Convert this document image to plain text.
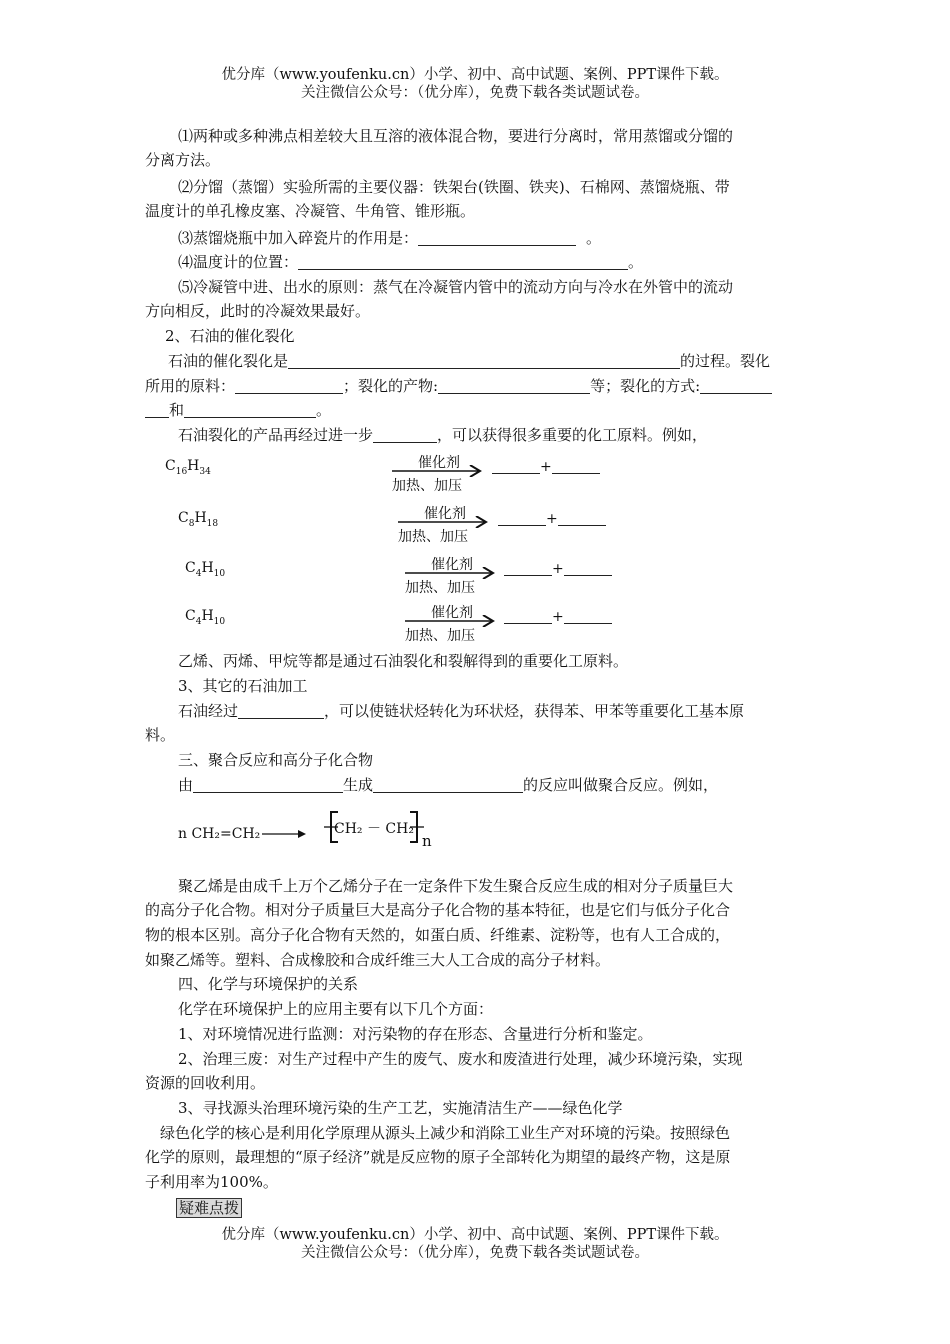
优分库（www.youfenku.cn）小学、初中、高中试题、案例、PPT课件下载。
关注微信公众号：（优分库），免费下载各类试题试卷。
⑴两种或多种沸点相差较大且互溶的液体混合物，要进行分离时，常用蒸馏或分馏的
分离方法。
⑵分馏（蒸馏）实验所需的主要仪器：铁架台(铁圈、铁夹)、石棉网、蒸馏烧瓶、带
温度计的单孔橡皮塞、冷凝管、牛角管、锥形瓶。
⑶蒸馏烧瓶中加入碎瓷片的作用是：	。
⑷温度计的位置：	。
⑸冷凝管中进、出水的原则：蒸气在冷凝管内管中的流动方向与冷水在外管中的流动
方向相反，此时的冷凝效果最好。
2、石油的催化裂化
石油的催化裂化是	的过程。裂化
所用的原料：	；裂化的产物:	等；裂化的方式:
和	。
石油裂化的产品再经过进一步	，可以获得很多重要的化工原料。例如，
$C_{16}H_{34}$
催化剂
加热、加压
+
$C_8H_{18}$
催化剂
加热、加压
+
$C_4H_{10}$
催化剂
加热、加压
+
$C_4H_{10}$
催化剂
加热、加压
+
乙烯、丙烯、甲烷等都是通过石油裂化和裂解得到的重要化工原料。
3、其它的石油加工
石油经过	，可以使链状烃转化为环状烃，获得苯、甲苯等重要化工基本原
料。
三、聚合反应和高分子化合物
由	生成	的反应叫做聚合反应。例如，
n CH₂=CH₂	CH₂ － CH₂
n
聚乙烯是由成千上万个乙烯分子在一定条件下发生聚合反应生成的相对分子质量巨大
的高分子化合物。相对分子质量巨大是高分子化合物的基本特征，也是它们与低分子化合
物的根本区别。高分子化合物有天然的，如蛋白质、纤维素、淀粉等，也有人工合成的，
如聚乙烯等。塑料、合成橡胶和合成纤维三大人工合成的高分子材料。
四、化学与环境保护的关系
化学在环境保护上的应用主要有以下几个方面：
1、对环境情况进行监测：对污染物的存在形态、含量进行分析和鉴定。
2、治理三废：对生产过程中产生的废气、废水和废渣进行处理，减少环境污染，实现
资源的回收利用。
3、寻找源头治理环境污染的生产工艺，实施清洁生产——绿色化学
绿色化学的核心是利用化学原理从源头上减少和消除工业生产对环境的污染。按照绿色
化学的原则，最理想的“原子经济”就是反应物的原子全部转化为期望的最终产物，这是原
子利用率为100%。
疑难点拨
优分库（www.youfenku.cn）小学、初中、高中试题、案例、PPT课件下载。
关注微信公众号：（优分库），免费下载各类试题试卷。
